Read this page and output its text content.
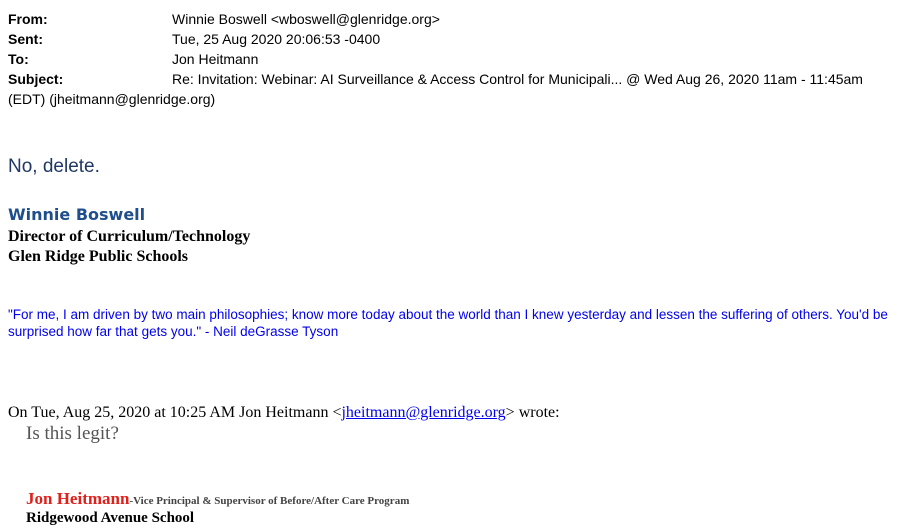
From:	Winnie Boswell <wboswell@glenridge.org>
Sent:	Tue, 25 Aug 2020 20:06:53 -0400
To:	Jon Heitmann
Subject:	Re: Invitation: Webinar: AI Surveillance & Access Control for Municipali... @ Wed Aug 26, 2020 11am - 11:45am (EDT) (jheitmann@glenridge.org)
No, delete.
Winnie Boswell
Director of Curriculum/Technology
Glen Ridge Public Schools
"For me, I am driven by two main philosophies; know more today about the world than I knew yesterday and lessen the suffering of others. You'd be surprised how far that gets you." - Neil deGrasse Tyson
On Tue, Aug 25, 2020 at 10:25 AM Jon Heitmann <jheitmann@glenridge.org> wrote:
Is this legit?
Jon Heitmann-Vice Principal & Supervisor of Before/After Care Program
Ridgewood Avenue School
